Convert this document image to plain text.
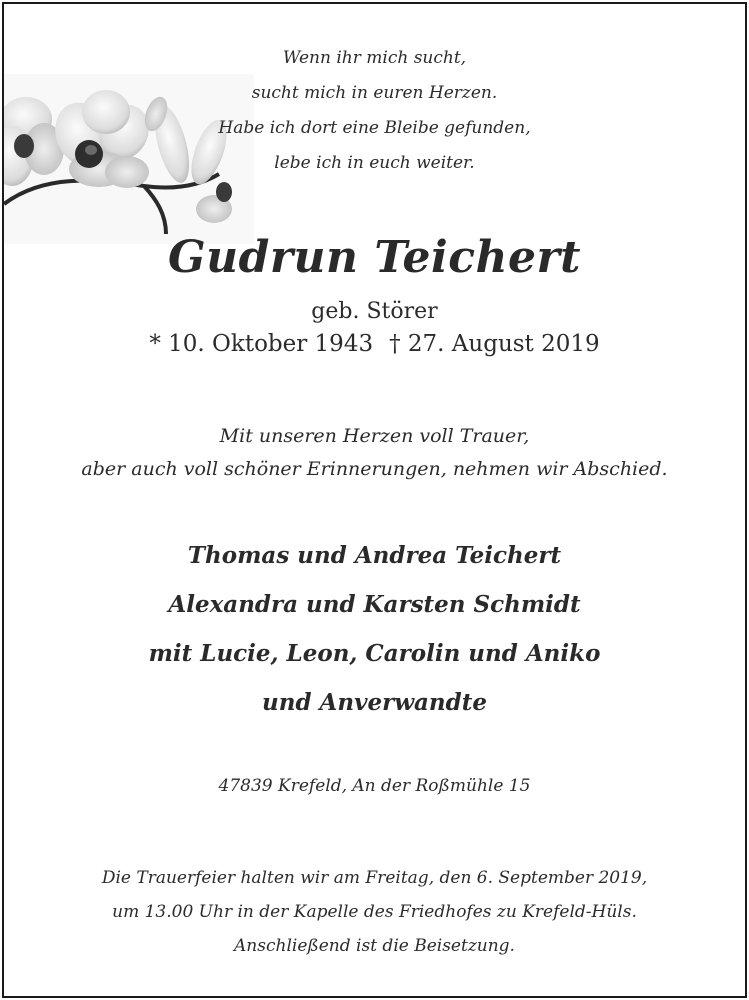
Wenn ihr mich sucht,
sucht mich in euren Herzen.
Habe ich dort eine Bleibe gefunden,
lebe ich in euch weiter.
Gudrun Teichert
geb. Störer
* 10. Oktober 1943 † 27. August 2019
Mit unseren Herzen voll Trauer,
aber auch voll schöner Erinnerungen, nehmen wir Abschied.
Thomas und Andrea Teichert
Alexandra und Karsten Schmidt
mit Lucie, Leon, Carolin und Aniko
und Anverwandte
47839 Krefeld, An der Roßmühle 15
Die Trauerfeier halten wir am Freitag, den 6. September 2019,
um 13.00 Uhr in der Kapelle des Friedhofes zu Krefeld-Hüls.
Anschließend ist die Beisetzung.
